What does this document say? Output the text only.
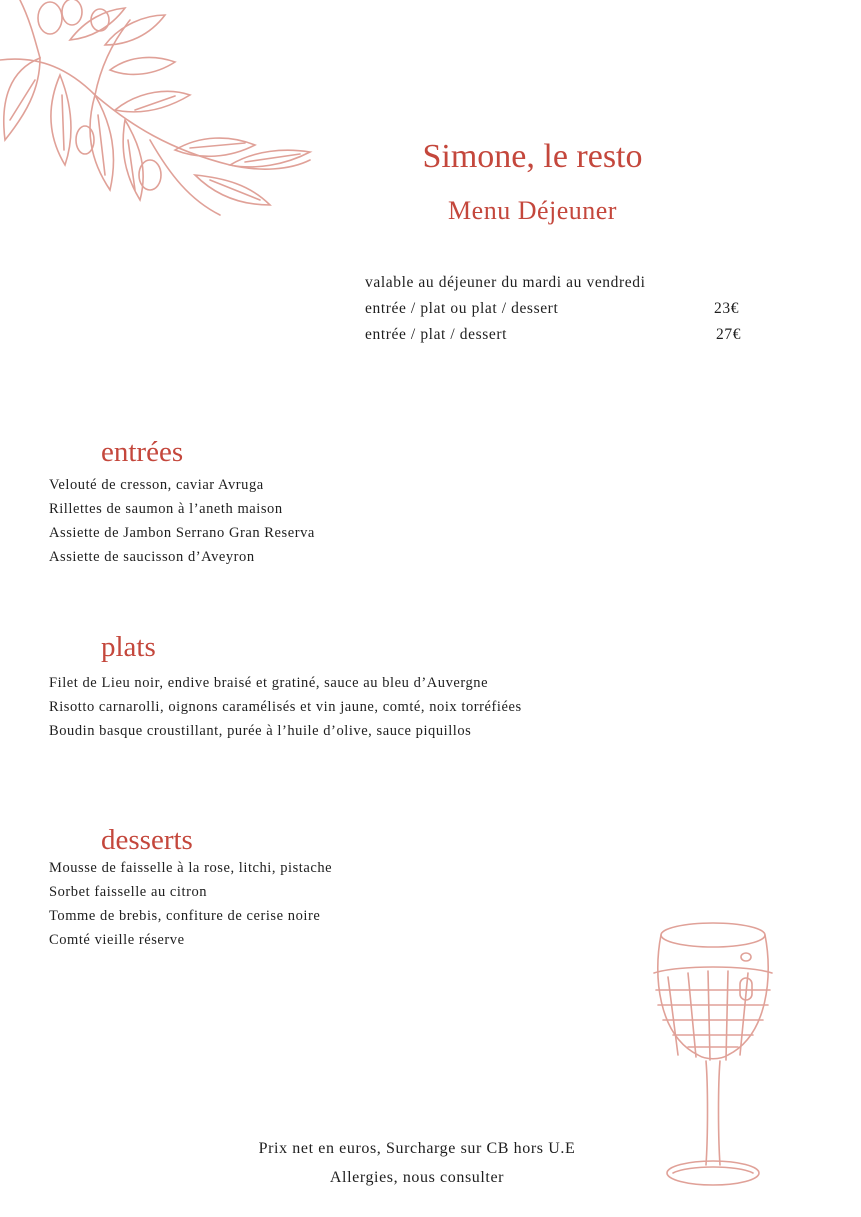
Simone, le resto
Menu Déjeuner
valable au déjeuner du mardi au vendredi
entrée / plat ou plat / dessert	23€
entrée / plat / dessert	27€
entrées
Velouté de cresson, caviar Avruga
Rillettes de saumon à l’aneth maison
Assiette de Jambon Serrano Gran Reserva
Assiette de saucisson d’Aveyron
plats
Filet de Lieu noir, endive braisé et gratiné, sauce au bleu d’Auvergne
Risotto carnarolli, oignons caramélisés et vin jaune, comté, noix torréfiées
Boudin basque croustillant, purée à l’huile d’olive, sauce piquillos
desserts
Mousse de faisselle à la rose, litchi, pistache
Sorbet faisselle au citron
Tomme de brebis, confiture de cerise noire
Comté vieille réserve
Prix net en euros, Surcharge sur CB hors U.E
Allergies, nous consulter
